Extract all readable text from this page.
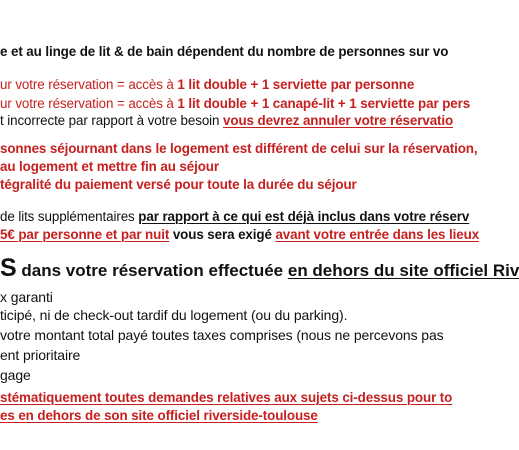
e et au linge de lit & de bain dépendent du nombre de personnes sur vo
ur votre réservation = accès à 1 lit double + 1 serviette par personne
ur votre réservation = accès à 1 lit double + 1 canapé-lit + 1 serviette par pers
t incorrecte par rapport à votre besoin vous devrez annuler votre réservatio
sonnes séjournant dans le logement est différent de celui sur la réservation,
au logement et mettre fin au séjour
tégralité du paiement versé pour toute la durée du séjour
de lits supplémentaires par rapport à ce qui est déjà inclus dans votre réserv
5€ par personne et par nuit vous sera exigé avant votre entrée dans les lieux
S dans votre réservation effectuée en dehors du site officiel Riv
x garanti
ticipé, ni de check-out tardif du logement (ou du parking).
votre montant total payé toutes taxes comprises (nous ne percevons pas
ent prioritaire
gage
stématiquement toutes demandes relatives aux sujets ci-dessus pour to
es en dehors de son site officiel riverside-toulouse
